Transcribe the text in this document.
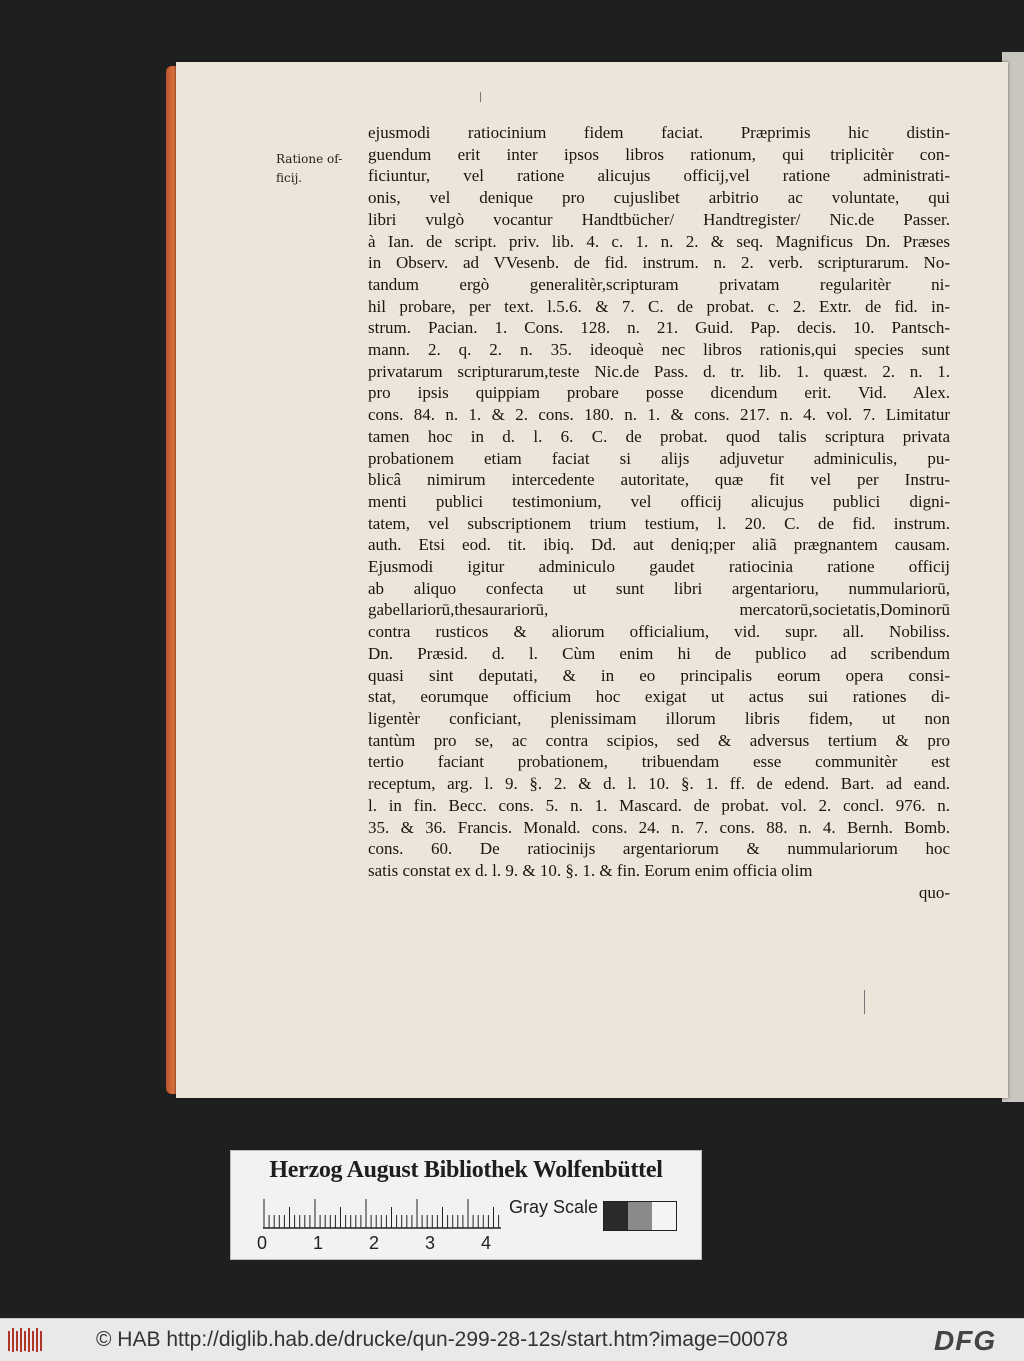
Ratione of-
ficij.
ejusmodi ratiocinium fidem faciat. Præprimis hic distin-
guendum erit inter ipsos libros rationum, qui triplicitèr con-
ficiuntur, vel ratione alicujus officij,vel ratione administrati-
onis, vel denique pro cujuslibet arbitrio ac voluntate, qui
libri vulgò vocantur Handtbücher/ Handtregister/ Nic.de Passer.
à Ian. de script. priv. lib. 4. c. 1. n. 2. & seq. Magnificus Dn. Præses
in Observ. ad VVesenb. de fid. instrum. n. 2. verb. scripturarum. No-
tandum ergò generalitèr,scripturam privatam regularitèr ni-
hil probare, per text. l.5.6. & 7. C. de probat. c. 2. Extr. de fid. in-
strum. Pacian. 1. Cons. 128. n. 21. Guid. Pap. decis. 10. Pantsch-
mann. 2. q. 2. n. 35. ideoquè nec libros rationis,qui species sunt
privatarum scripturarum,teste Nic.de Pass. d. tr. lib. 1. quæst. 2. n. 1.
pro ipsis quippiam probare posse dicendum erit. Vid. Alex.
cons. 84. n. 1. & 2. cons. 180. n. 1. & cons. 217. n. 4. vol. 7. Limitatur
tamen hoc in d. l. 6. C. de probat. quod talis scriptura privata
probationem etiam faciat si alijs adjuvetur adminiculis, pu-
blicâ nimirum intercedente autoritate, quæ fit vel per Instru-
menti publici testimonium, vel officij alicujus publici digni-
tatem, vel subscriptionem trium testium, l. 20. C. de fid. instrum.
auth. Etsi eod. tit. ibiq. Dd. aut deniq;per aliã prægnantem causam.
Ejusmodi igitur adminiculo gaudet ratiocinia ratione officij
ab aliquo confecta ut sunt libri argentarioru, nummulariorū,
gabellariorū,thesaurariorū, mercatorū,societatis,Dominorū
contra rusticos & aliorum officialium, vid. supr. all. Nobiliss.
Dn. Præsid. d. l. Cùm enim hi de publico ad scribendum
quasi sint deputati, & in eo principalis eorum opera consi-
stat, eorumque officium hoc exigat ut actus sui rationes di-
ligentèr conficiant, plenissimam illorum libris fidem, ut non
tantùm pro se, ac contra scipios, sed & adversus tertium & pro
tertio faciant probationem, tribuendam esse communitèr est
receptum, arg. l. 9. §. 2. & d. l. 10. §. 1. ff. de edend. Bart. ad eand.
l. in fin. Becc. cons. 5. n. 1. Mascard. de probat. vol. 2. concl. 976. n.
35. & 36. Francis. Monald. cons. 24. n. 7. cons. 88. n. 4. Bernh. Bomb.
cons. 60. De ratiocinijs argentariorum & nummulariorum hoc
satis constat ex d. l. 9. & 10. §. 1. & fin. Eorum enim officia olim
quo-
Herzog August Bibliothek Wolfenbüttel
Gray Scale
0	1	2	3	4
© HAB http://diglib.hab.de/drucke/qun-299-28-12s/start.htm?image=00078	DFG
